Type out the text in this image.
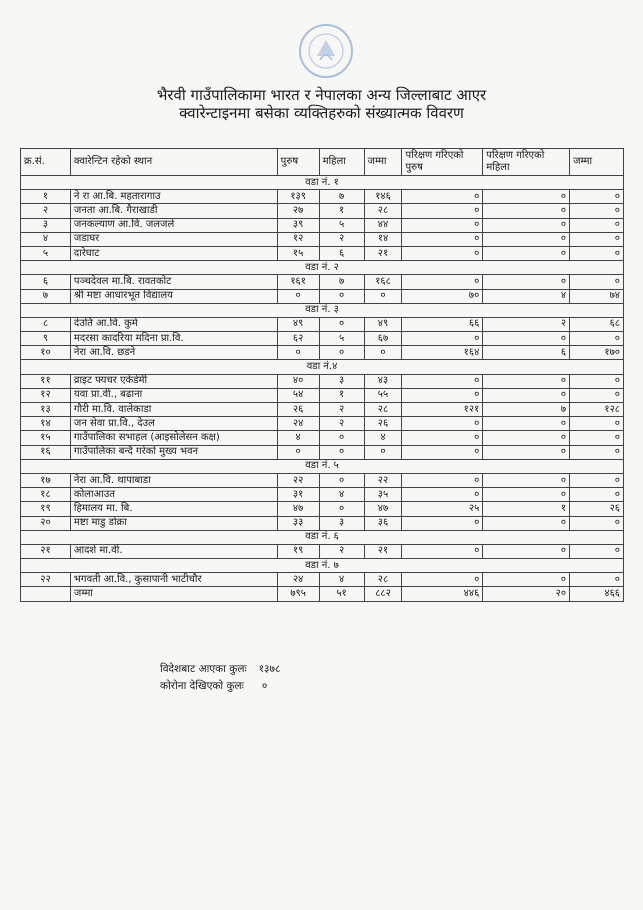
भैरवी गाउँपालिकामा भारत र नेपालका अन्य जिल्लाबाट आएर
क्वारेन्टाइनमा बसेका व्यक्तिहरुको संख्यात्मक विवरण
क्र.सं.	क्वारेन्टिन रहेको स्थान	पुरुष	महिला	जम्मा	परिक्षण गरिएको पुरुष	परिक्षण गरिएको महिला	जम्मा
वडा नं. १							
१	ने रा आ.बि. महतारागाउ	१३९	७	१४६	०	०	०
२	जनता आ.बि. गैराखाडी	२७	१	२८	०	०	०
३	जनकल्याण आ.वि. जलजले	३९	५	४४	०	०	०
४	जडाघर	१२	२	१४	०	०	०
५	दारेघाट	१५	६	२१	०	०	०
वडा नं. २							
६	पञ्चदेवल मा.बि. रावतकोट	१६१	७	१६८	०	०	०
७	श्री मष्टा आधारभूत विद्यालय	०	०	०	७०	४	७४
वडा नं. ३							
८	देउति आ.वि. कुर्म	४९	०	४९	६६	२	६८
९	मदरसा कादरिया मदिना प्रा.वि.	६२	५	६७	०	०	०
१०	नेरा आ.वि. छडने	०	०	०	१६४	६	१७०
वडा नं.४							
११	व्राइट फ्यचर एकेडेमी	४०	३	४३	०	०	०
१२	यवा प्रा.वी., बढाना	५४	१	५५	०	०	०
१३	गौरी मा.वि. वालेकाडा	२६	२	२८	१२१	७	१२८
१४	जन सेवा प्रा.वि., देउल	२४	२	२६	०	०	०
१५	गाउँपालिका सभाहल (आइसोलेसन कक्ष)	४	०	४	०	०	०
१६	गाउँपालिका बन्दै गरेको मुख्य भवन	०	०	०	०	०	०
वडा नं. ५							
१७	नेरा आ.वि. थापाबाडा	२२	०	२२	०	०	०
१८	कोलाआउत	३१	४	३५	०	०	०
१९	हिमालय मा. बि.	४७	०	४७	२५	१	२६
२०	मष्टा माडु डोक्रा	३३	३	३६	०	०	०
वडा नं. ६							
२१	आदर्श मा.वी.	१९	२	२१	०	०	०
वडा नं. ७							
२२	भगवती आ.वि., कुसापानी भाटीचौर	२४	४	२८	०	०	०
	जम्मा	७९५	५१	८८२	४४६	२०	४६६
विदेशबाट आएका कुलः १३७८
कोरोना देखिएको कुलः ०
